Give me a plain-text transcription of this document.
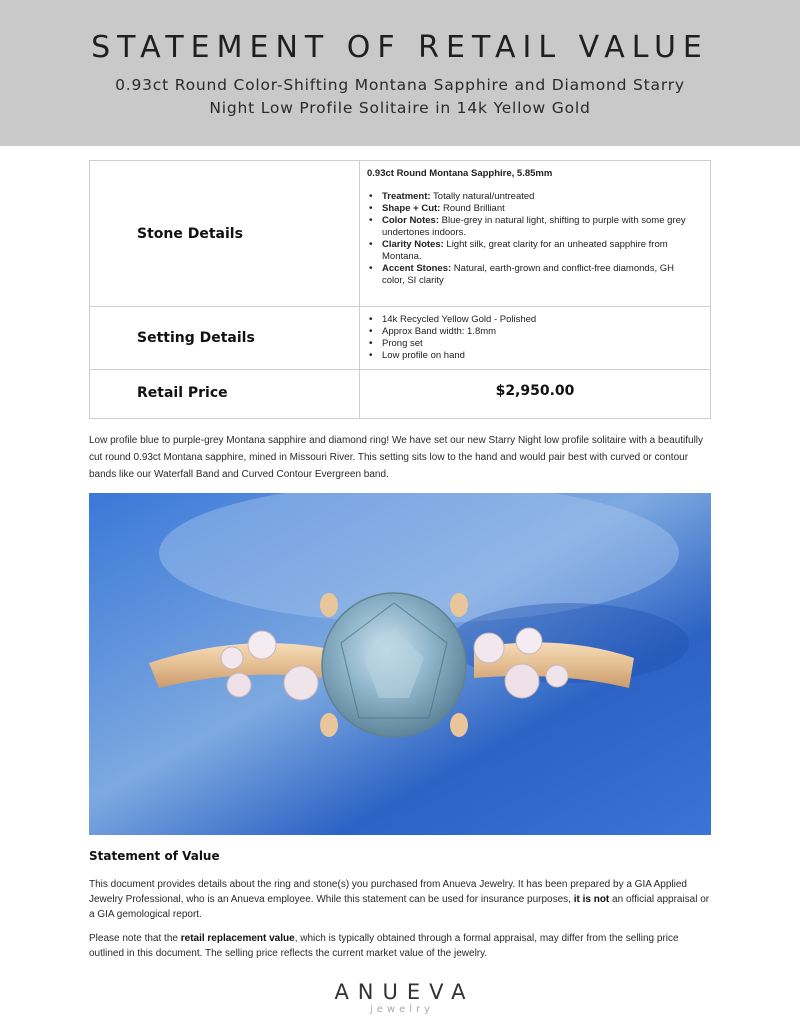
STATEMENT OF RETAIL VALUE
0.93ct Round Color-Shifting Montana Sapphire and Diamond Starry Night Low Profile Solitaire in 14k Yellow Gold
Stone Details
0.93ct Round Montana Sapphire, 5.85mm
• Treatment: Totally natural/untreated
• Shape + Cut: Round Brilliant
• Color Notes: Blue-grey in natural light, shifting to purple with some grey undertones indoors.
• Clarity Notes: Light silk, great clarity for an unheated sapphire from Montana.
• Accent Stones: Natural, earth-grown and conflict-free diamonds, GH color, SI clarity
Setting Details
• 14k Recycled Yellow Gold - Polished
• Approx Band width: 1.8mm
• Prong set
• Low profile on hand
Retail Price	$2,950.00
Low profile blue to purple-grey Montana sapphire and diamond ring! We have set our new Starry Night low profile solitaire with a beautifully cut round 0.93ct Montana sapphire, mined in Missouri River. This setting sits low to the hand and would pair best with curved or contour bands like our Waterfall Band and Curved Contour Evergreen band.
Statement of Value
This document provides details about the ring and stone(s) you purchased from Anueva Jewelry. It has been prepared by a GIA Applied Jewelry Professional, who is an Anueva employee. While this statement can be used for insurance purposes, it is not an official appraisal or a GIA gemological report.
Please note that the retail replacement value, which is typically obtained through a formal appraisal, may differ from the selling price outlined in this document. The selling price reflects the current market value of the jewelry.
ANUEVA
jewelry
